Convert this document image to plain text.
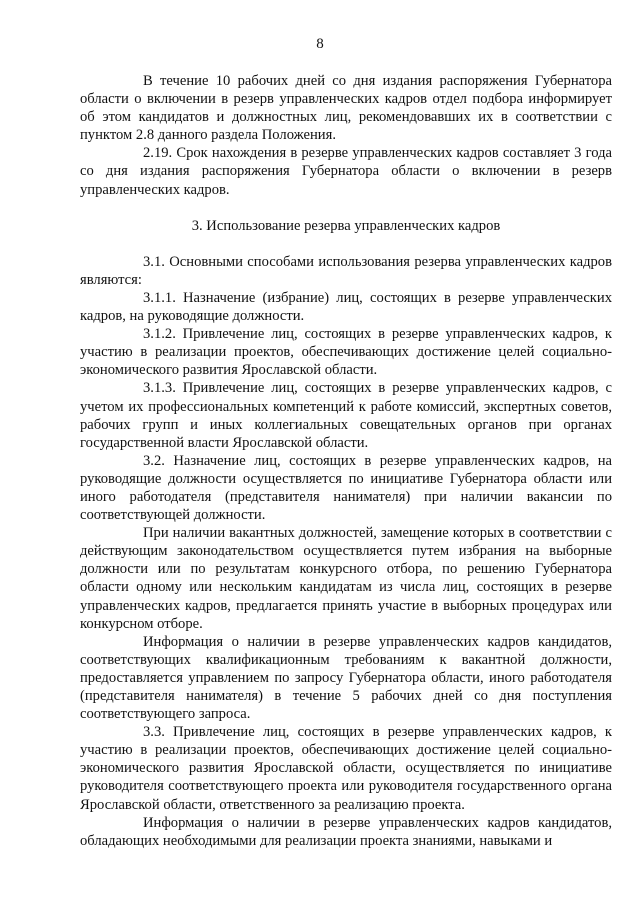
8

В течение 10 рабочих дней со дня издания распоряжения Губернатора области о включении в резерв управленческих кадров отдел подбора информирует об этом кандидатов и должностных лиц, рекомендовавших их в соответствии с пунктом 2.8 данного раздела Положения.

2.19. Срок нахождения в резерве управленческих кадров составляет 3 года со дня издания распоряжения Губернатора области о включении в резерв управленческих кадров.

3. Использование резерва управленческих кадров

3.1. Основными способами использования резерва управленческих кадров являются:

3.1.1. Назначение (избрание) лиц, состоящих в резерве управленческих кадров, на руководящие должности.

3.1.2. Привлечение лиц, состоящих в резерве управленческих кадров, к участию в реализации проектов, обеспечивающих достижение целей социально-экономического развития Ярославской области.

3.1.3. Привлечение лиц, состоящих в резерве управленческих кадров, с учетом их профессиональных компетенций к работе комиссий, экспертных советов, рабочих групп и иных коллегиальных совещательных органов при органах государственной власти Ярославской области.

3.2. Назначение лиц, состоящих в резерве управленческих кадров, на руководящие должности осуществляется по инициативе Губернатора области или иного работодателя (представителя нанимателя) при наличии вакансии по соответствующей должности.

При наличии вакантных должностей, замещение которых в соответствии с действующим законодательством осуществляется путем избрания на выборные должности или по результатам конкурсного отбора, по решению Губернатора области одному или нескольким кандидатам из числа лиц, состоящих в резерве управленческих кадров, предлагается принять участие в выборных процедурах или конкурсном отборе.

Информация о наличии в резерве управленческих кадров кандидатов, соответствующих квалификационным требованиям к вакантной должности, предоставляется управлением по запросу Губернатора области, иного работодателя (представителя нанимателя) в течение 5 рабочих дней со дня поступления соответствующего запроса.

3.3. Привлечение лиц, состоящих в резерве управленческих кадров, к участию в реализации проектов, обеспечивающих достижение целей социально-экономического развития Ярославской области, осуществляется по инициативе руководителя соответствующего проекта или руководителя государственного органа Ярославской области, ответственного за реализацию проекта.

Информация о наличии в резерве управленческих кадров кандидатов, обладающих необходимыми для реализации проекта знаниями, навыками и
